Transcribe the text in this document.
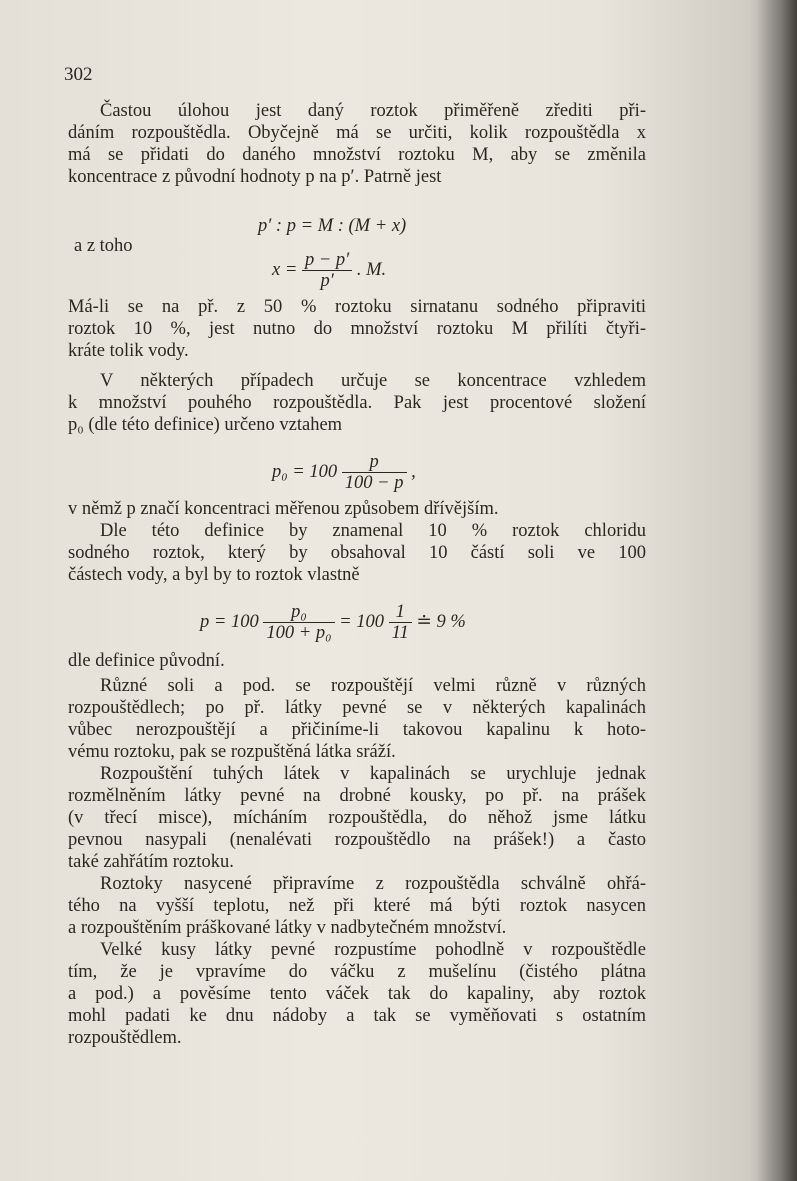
302
Častou úlohou jest daný roztok přiměřeně zřediti při-
dáním rozpouštědla. Obyčejně má se určiti, kolik rozpouštědla x
má se přidati do daného množství roztoku M, aby se změnila
koncentrace z původní hodnoty p na p′. Patrně jest
p′ : p = M : (M + x)
a z toho
$x = \frac{p - p'}{p'}$ . M.
Má-li se na př. z 50 % roztoku sirnatanu sodného připraviti
roztok 10 %, jest nutno do množství roztoku M přilíti čtyři-
kráte tolik vody.
V některých případech určuje se koncentrace vzhledem
k množství pouhého rozpouštědla. Pak jest procentové složení
p₀ (dle této definice) určeno vztahem
$p_0 = 100 \frac{p}{100 - p}$ ,
v němž p značí koncentraci měřenou způsobem dřívějším.
Dle této definice by znamenal 10 % roztok chloridu
sodného roztok, který by obsahoval 10 částí soli ve 100
částech vody, a byl by to roztok vlastně
$p = 100 \frac{\text{p₀}}{\text{100 + p₀}} = 100 \frac{1}{11}$ ≐ 9 %
dle definice původní.
Různé soli a pod. se rozpouštějí velmi různě v různých
rozpouštědlech; po př. látky pevné se v některých kapalinách
vůbec nerozpouštějí a přičiníme-li takovou kapalinu k hoto-
vému roztoku, pak se rozpuštěná látka sráží.
Rozpouštění tuhých látek v kapalinách se urychluje jednak
rozmělněním látky pevné na drobné kousky, po př. na prášek
(v třecí misce), mícháním rozpouštědla, do něhož jsme látku
pevnou nasypali (nenalévati rozpouštědlo na prášek!) a často
také zahřátím roztoku.
Roztoky nasycené připravíme z rozpouštědla schválně ohřá-
tého na vyšší teplotu, než při které má býti roztok nasycen
a rozpouštěním práškované látky v nadbytečném množství.
Velké kusy látky pevné rozpustíme pohodlně v rozpouštědle
tím, že je vpravíme do váčku z mušelínu (čistého plátna
a pod.) a pověsíme tento váček tak do kapaliny, aby roztok
mohl padati ke dnu nádoby a tak se vyměňovati s ostatním
rozpouštědlem.
